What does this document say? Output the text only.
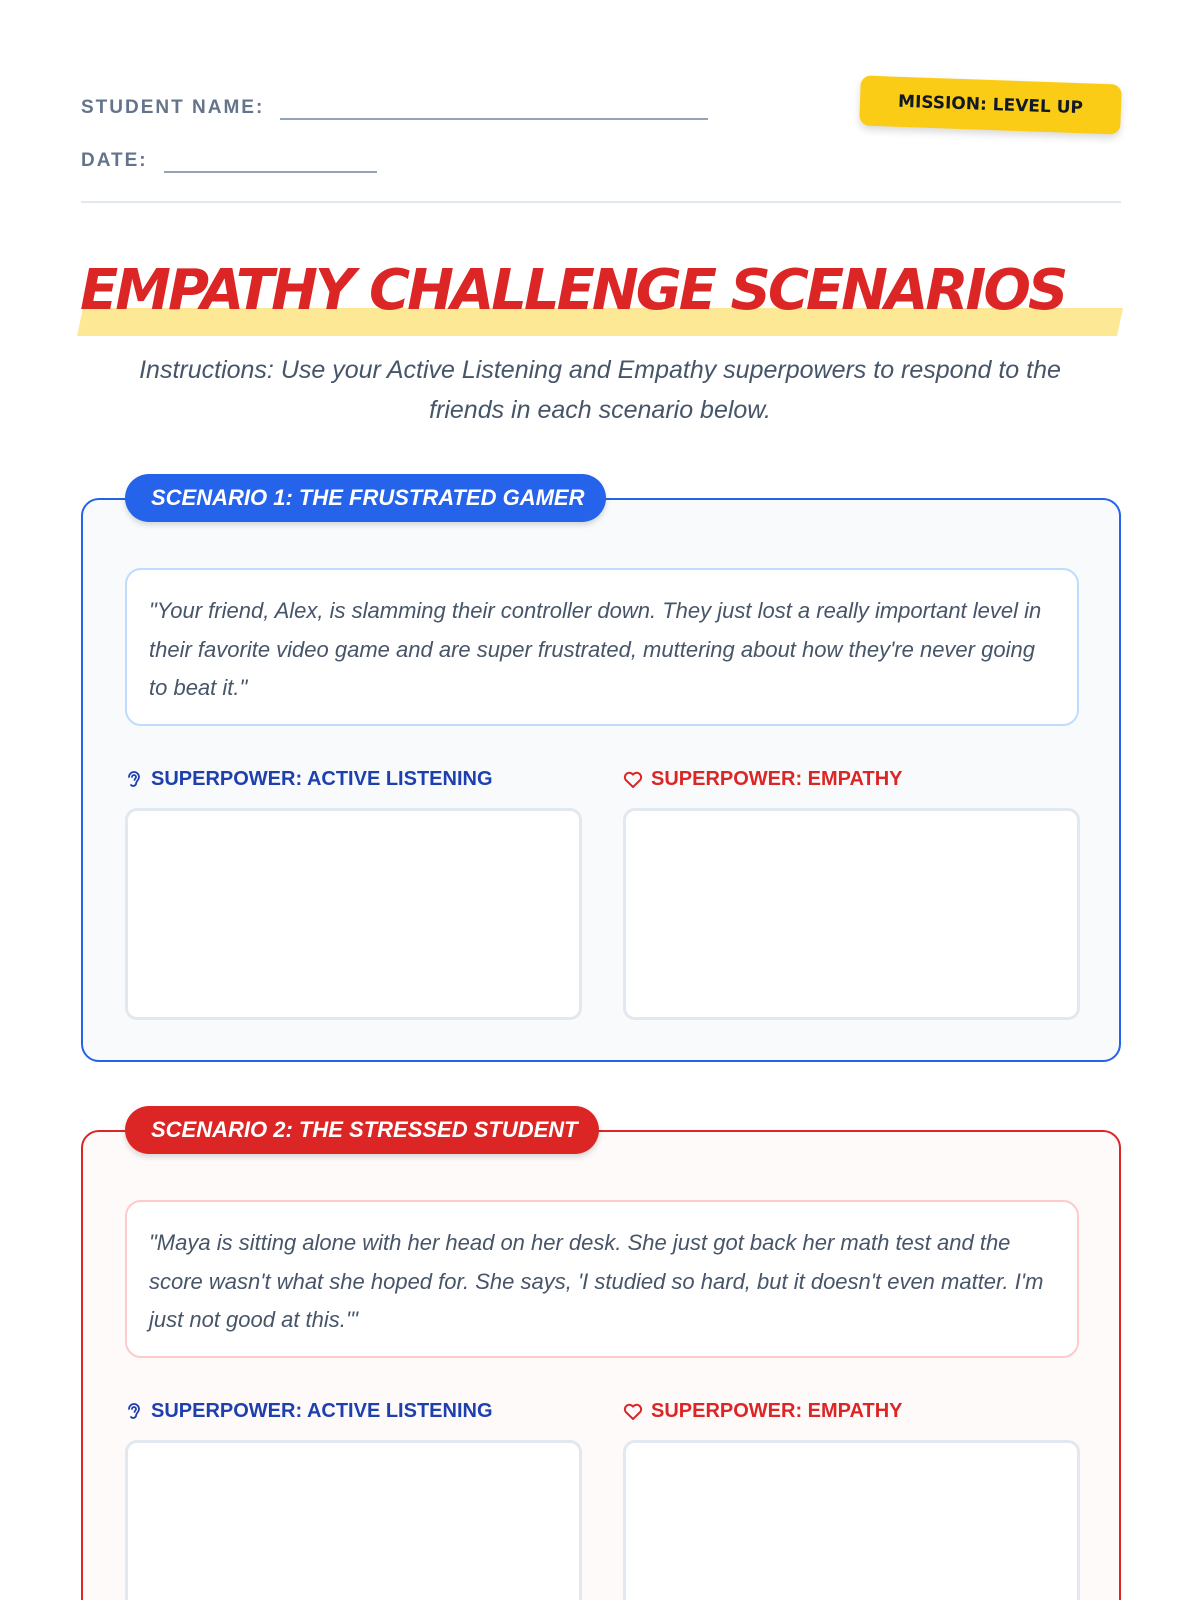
STUDENT NAME:
DATE:
MISSION: LEVEL UP
EMPATHY CHALLENGE SCENARIOS

Instructions: Use your Active Listening and Empathy superpowers to respond to the friends in each scenario below.

SCENARIO 1: THE FRUSTRATED GAMER
"Your friend, Alex, is slamming their controller down. They just lost a really important level in their favorite video game and are super frustrated, muttering about how they're never going to beat it."
SUPERPOWER: ACTIVE LISTENING	SUPERPOWER: EMPATHY
SCENARIO 2: THE STRESSED STUDENT
"Maya is sitting alone with her head on her desk. She just got back her math test and the score wasn't what she hoped for. She says, 'I studied so hard, but it doesn't even matter. I'm just not good at this.'"
SUPERPOWER: ACTIVE LISTENING	SUPERPOWER: EMPATHY
